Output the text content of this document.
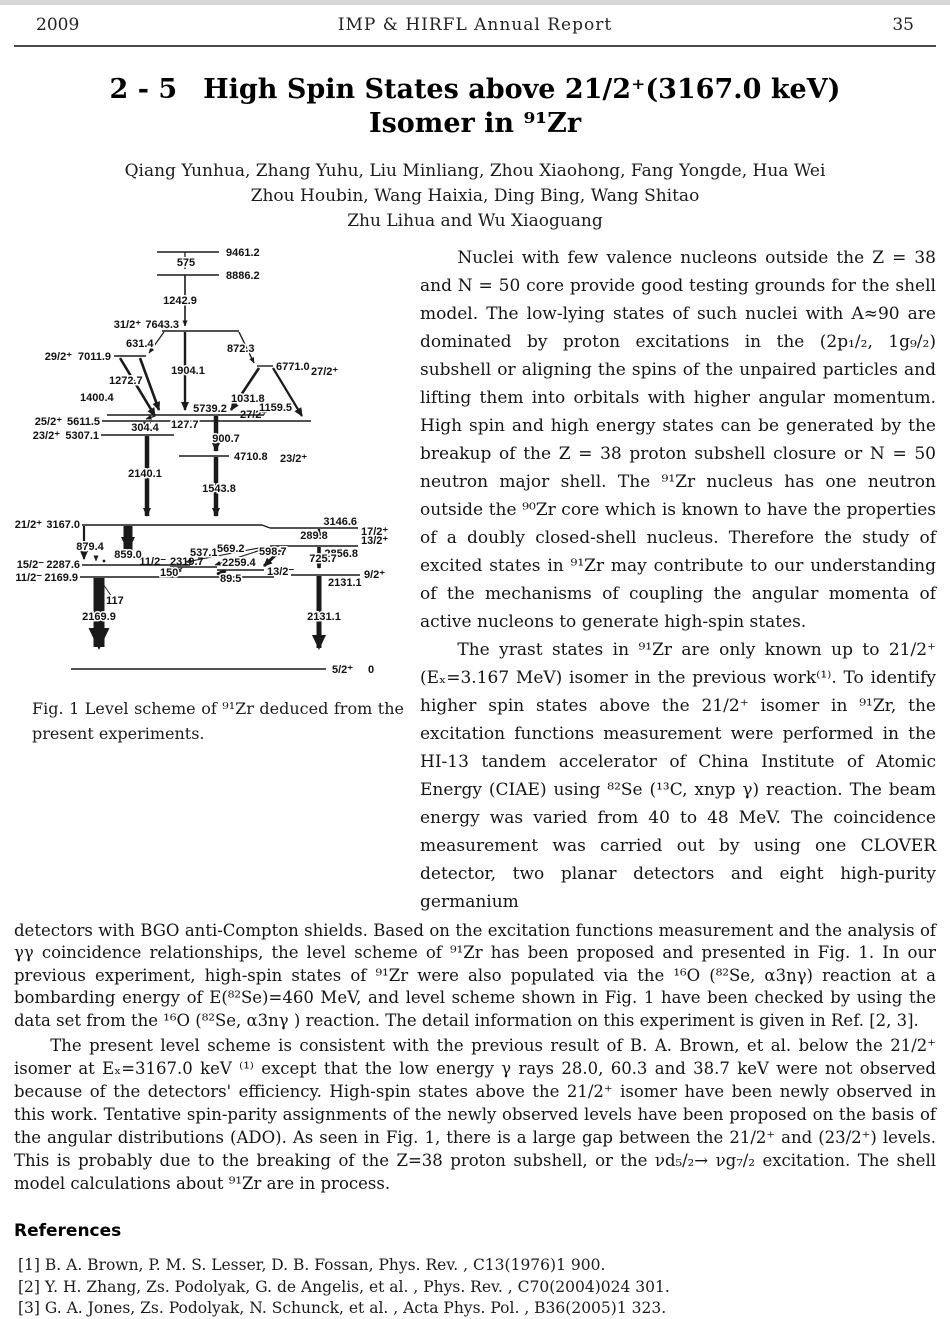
2009	IMP & HIRFL Annual Report	35
2 - 5 High Spin States above 21/2⁺(3167.0 keV)
Isomer in ⁹¹Zr
Qiang Yunhua, Zhang Yuhu, Liu Minliang, Zhou Xiaohong, Fang Yongde, Hua Wei
Zhou Houbin, Wang Haixia, Ding Bing, Wang Shitao
Zhu Lihua and Wu Xiaoguang
9461.2
8886.2
31/2⁺ 7643.3
29/2⁺ 7011.9
6771.0 27/2⁺
5739.2 27/2⁺
25/2⁺ 5611.5
23/2⁺ 5307.1
4710.8 23/2⁺
21/2⁺ 3167.0	3146.6
17/2⁺
13/2⁺
2856.8
11/2⁻ 2319.7
15/2⁻ 2287.6	2259.4
13/2⁻
11/2⁻ 2169.9	9/2⁺
2131.1
5/2⁺ 0
575
1242.9
631.4	872.3
1904.1
1272.7
1400.4	1031.8
1159.5
127.7
304.4
900.7
2140.1
1543.8
879.4
859.0	537.1 569.2 598.7
289.8
725.7
150	89.5
117
2169.9	2131.1
Fig. 1 Level scheme of ⁹¹Zr deduced from the present experiments.

Nuclei with few valence nucleons outside the Z = 38 and N = 50 core provide good testing grounds for the shell model. The low-lying states of such nuclei with A≈90 are dominated by proton excitations in the (2p₁/₂, 1g₉/₂) subshell or aligning the spins of the unpaired particles and lifting them into orbitals with higher angular momentum. High spin and high energy states can be generated by the breakup of the Z = 38 proton subshell closure or N = 50 neutron major shell. The ⁹¹Zr nucleus has one neutron outside the ⁹⁰Zr core which is known to have the properties of a doubly closed-shell nucleus. Therefore the study of excited states in ⁹¹Zr may contribute to our understanding of the mechanisms of coupling the angular momenta of active nucleons to generate high-spin states.

The yrast states in ⁹¹Zr are only known up to 21/2⁺ (Eₓ=3.167 MeV) isomer in the previous work⁽¹⁾. To identify higher spin states above the 21/2⁺ isomer in ⁹¹Zr, the excitation functions measurement were performed in the HI-13 tandem accelerator of China Institute of Atomic Energy (CIAE) using ⁸²Se (¹³C, xnyp γ) reaction. The beam energy was varied from 40 to 48 MeV. The coincidence measurement was carried out by using one CLOVER detector, two planar detectors and eight high-purity germanium

detectors with BGO anti-Compton shields. Based on the excitation functions measurement and the analysis of γγ coincidence relationships, the level scheme of ⁹¹Zr has been proposed and presented in Fig. 1. In our previous experiment, high-spin states of ⁹¹Zr were also populated via the ¹⁶O (⁸²Se, α3nγ) reaction at a bombarding energy of E(⁸²Se)=460 MeV, and level scheme shown in Fig. 1 have been checked by using the data set from the ¹⁶O (⁸²Se, α3nγ ) reaction. The detail information on this experiment is given in Ref. [2, 3].

The present level scheme is consistent with the previous result of B. A. Brown, et al. below the 21/2⁺ isomer at Eₓ=3167.0 keV ⁽¹⁾ except that the low energy γ rays 28.0, 60.3 and 38.7 keV were not observed because of the detectors' efficiency. High-spin states above the 21/2⁺ isomer have been newly observed in this work. Tentative spin-parity assignments of the newly observed levels have been proposed on the basis of the angular distributions (ADO). As seen in Fig. 1, there is a large gap between the 21/2⁺ and (23/2⁺) levels. This is probably due to the breaking of the Z=38 proton subshell, or the νd₅/₂→ νg₇/₂ excitation. The shell model calculations about ⁹¹Zr are in process.

References
[1] B. A. Brown, P. M. S. Lesser, D. B. Fossan, Phys. Rev. , C13(1976)1 900.
[2] Y. H. Zhang, Zs. Podolyak, G. de Angelis, et al. , Phys. Rev. , C70(2004)024 301.
[3] G. A. Jones, Zs. Podolyak, N. Schunck, et al. , Acta Phys. Pol. , B36(2005)1 323.
